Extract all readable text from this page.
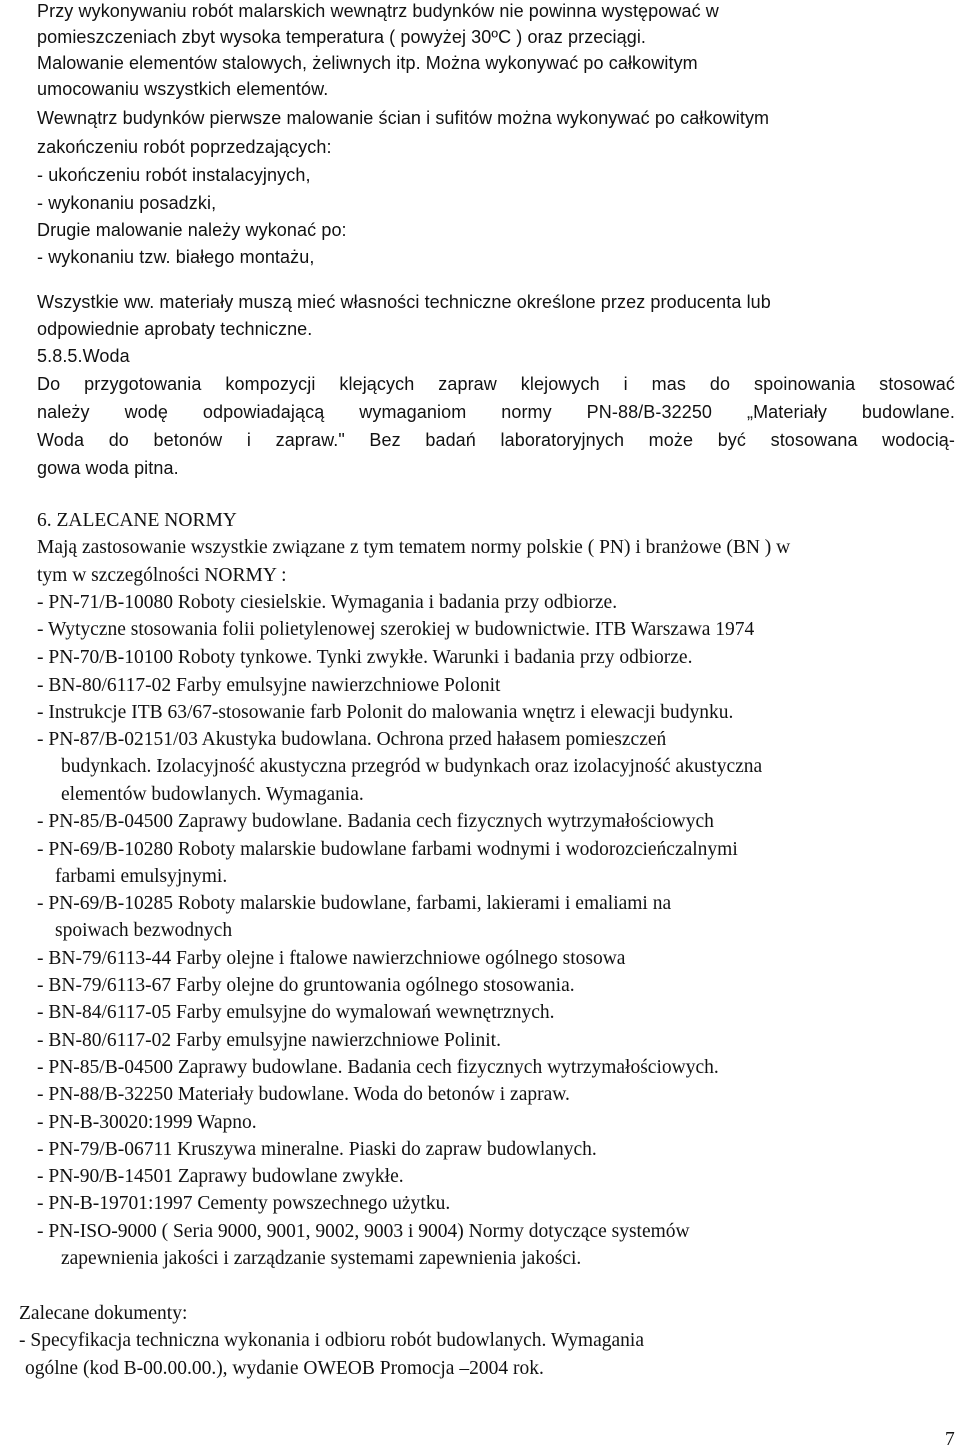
Przy wykonywaniu robót malarskich wewnątrz budynków nie powinna występować w
pomieszczeniach zbyt wysoka temperatura ( powyżej 30ºC ) oraz przeciągi.
Malowanie elementów stalowych, żeliwnych itp. Można wykonywać po całkowitym
umocowaniu wszystkich elementów.
Wewnątrz budynków pierwsze malowanie ścian i sufitów można wykonywać po całkowitym
zakończeniu robót poprzedzających:
- ukończeniu robót instalacyjnych,
- wykonaniu posadzki,
Drugie malowanie należy wykonać po:
- wykonaniu tzw. białego montażu,
Wszystkie ww. materiały muszą mieć własności techniczne określone przez producenta lub
odpowiednie aprobaty techniczne.
5.8.5.Woda
Do przygotowania kompozycji klejących zapraw klejowych i mas do spoinowania stosować
należy wodę odpowiadającą wymaganiom normy PN-88/B-32250 „Materiały budowlane.
Woda do betonów i zapraw." Bez badań laboratoryjnych może być stosowana wodocią-
gowa woda pitna.
6. ZALECANE NORMY
Mają zastosowanie wszystkie związane z tym tematem normy polskie ( PN) i branżowe (BN ) w
tym w szczególności NORMY :
- PN-71/B-10080 Roboty ciesielskie. Wymagania i badania przy odbiorze.
- Wytyczne stosowania folii polietylenowej szerokiej w budownictwie. ITB Warszawa 1974
- PN-70/B-10100 Roboty tynkowe. Tynki zwykłe. Warunki i badania przy odbiorze.
- BN-80/6117-02 Farby emulsyjne nawierzchniowe Polonit
- Instrukcje ITB 63/67-stosowanie farb Polonit do malowania wnętrz i elewacji budynku.
- PN-87/B-02151/03 Akustyka budowlana. Ochrona przed hałasem pomieszczeń
budynkach. Izolacyjność akustyczna przegród w budynkach oraz izolacyjność akustyczna
elementów budowlanych. Wymagania.
- PN-85/B-04500 Zaprawy budowlane. Badania cech fizycznych wytrzymałościowych
- PN-69/B-10280 Roboty malarskie budowlane farbami wodnymi i wodorozcieńczalnymi
farbami emulsyjnymi.
- PN-69/B-10285 Roboty malarskie budowlane, farbami, lakierami i emaliami na
spoiwach bezwodnych
- BN-79/6113-44 Farby olejne i ftalowe nawierzchniowe ogólnego stosowa
- BN-79/6113-67 Farby olejne do gruntowania ogólnego stosowania.
- BN-84/6117-05 Farby emulsyjne do wymalowań wewnętrznych.
- BN-80/6117-02 Farby emulsyjne nawierzchniowe Polinit.
- PN-85/B-04500 Zaprawy budowlane. Badania cech fizycznych wytrzymałościowych.
- PN-88/B-32250 Materiały budowlane. Woda do betonów i zapraw.
- PN-B-30020:1999 Wapno.
- PN-79/B-06711 Kruszywa mineralne. Piaski do zapraw budowlanych.
- PN-90/B-14501 Zaprawy budowlane zwykłe.
- PN-B-19701:1997 Cementy powszechnego użytku.
- PN-ISO-9000 ( Seria 9000, 9001, 9002, 9003 i 9004) Normy dotyczące systemów
zapewnienia jakości i zarządzanie systemami zapewnienia jakości.
Zalecane dokumenty:
- Specyfikacja techniczna wykonania i odbioru robót budowlanych. Wymagania
ogólne (kod B-00.00.00.), wydanie OWEOB Promocja –2004 rok.
7
